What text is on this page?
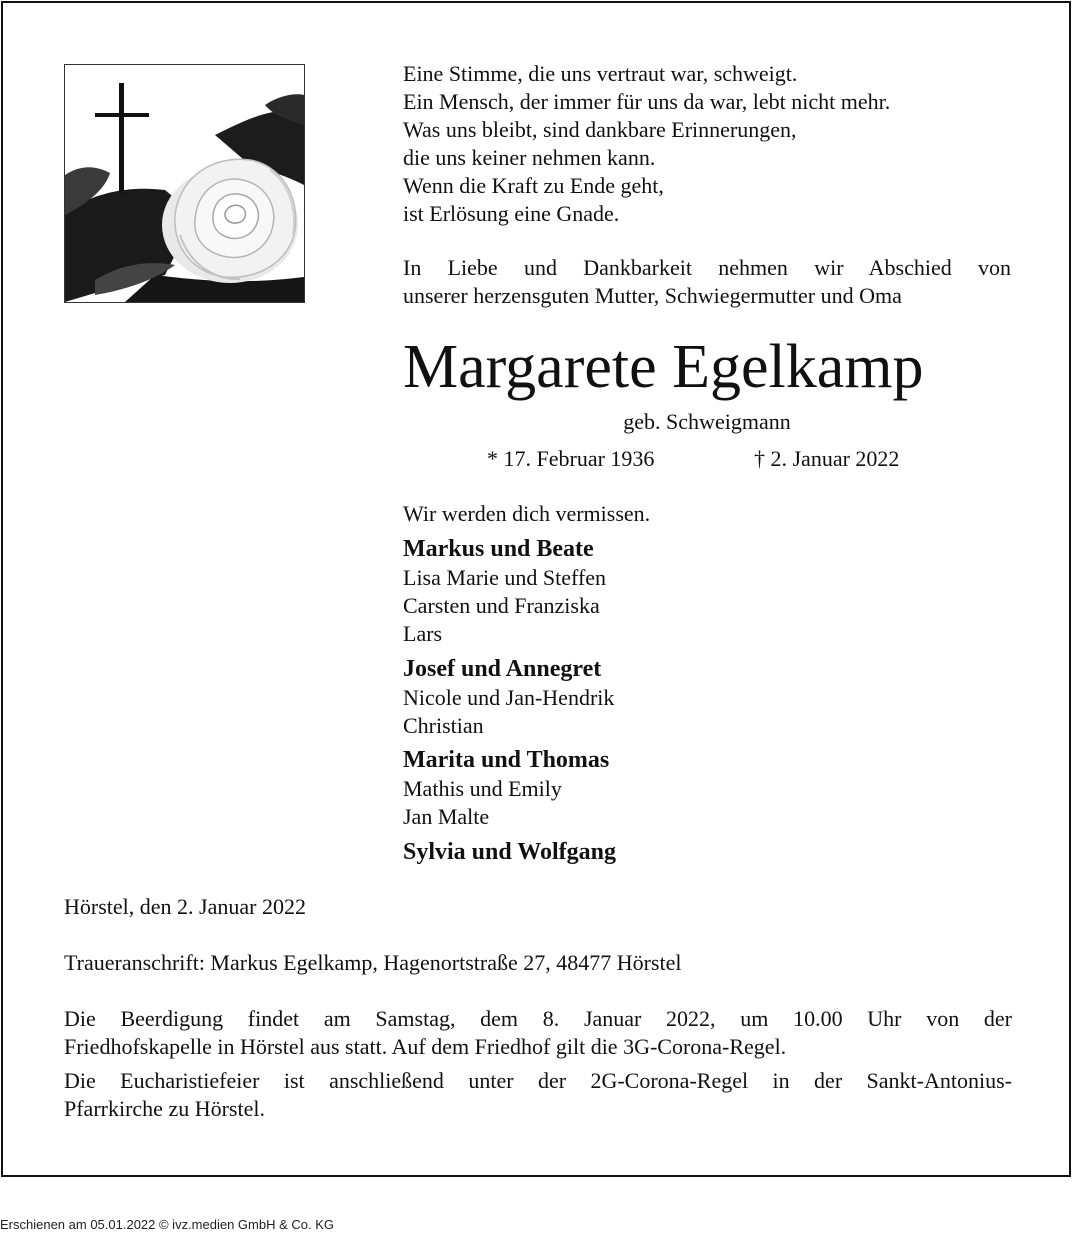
Eine Stimme, die uns vertraut war, schweigt.
Ein Mensch, der immer für uns da war, lebt nicht mehr.
Was uns bleibt, sind dankbare Erinnerungen,
die uns keiner nehmen kann.
Wenn die Kraft zu Ende geht,
ist Erlösung eine Gnade.
In Liebe und Dankbarkeit nehmen wir Abschied von
unserer herzensguten Mutter, Schwiegermutter und Oma
Margarete Egelkamp
geb. Schweigmann
* 17. Februar 1936	† 2. Januar 2022
Wir werden dich vermissen.
Markus und Beate
Lisa Marie und Steffen
Carsten und Franziska
Lars
Josef und Annegret
Nicole und Jan-Hendrik
Christian
Marita und Thomas
Mathis und Emily
Jan Malte
Sylvia und Wolfgang
Hörstel, den 2. Januar 2022
Traueranschrift: Markus Egelkamp, Hagenortstraße 27, 48477 Hörstel
Die Beerdigung findet am Samstag, dem 8. Januar 2022, um 10.00 Uhr von der
Friedhofskapelle in Hörstel aus statt. Auf dem Friedhof gilt die 3G-Corona-Regel.
Die Eucharistiefeier ist anschließend unter der 2G-Corona-Regel in der Sankt-Antonius-
Pfarrkirche zu Hörstel.
Erschienen am 05.01.2022 © ivz.medien GmbH & Co. KG
